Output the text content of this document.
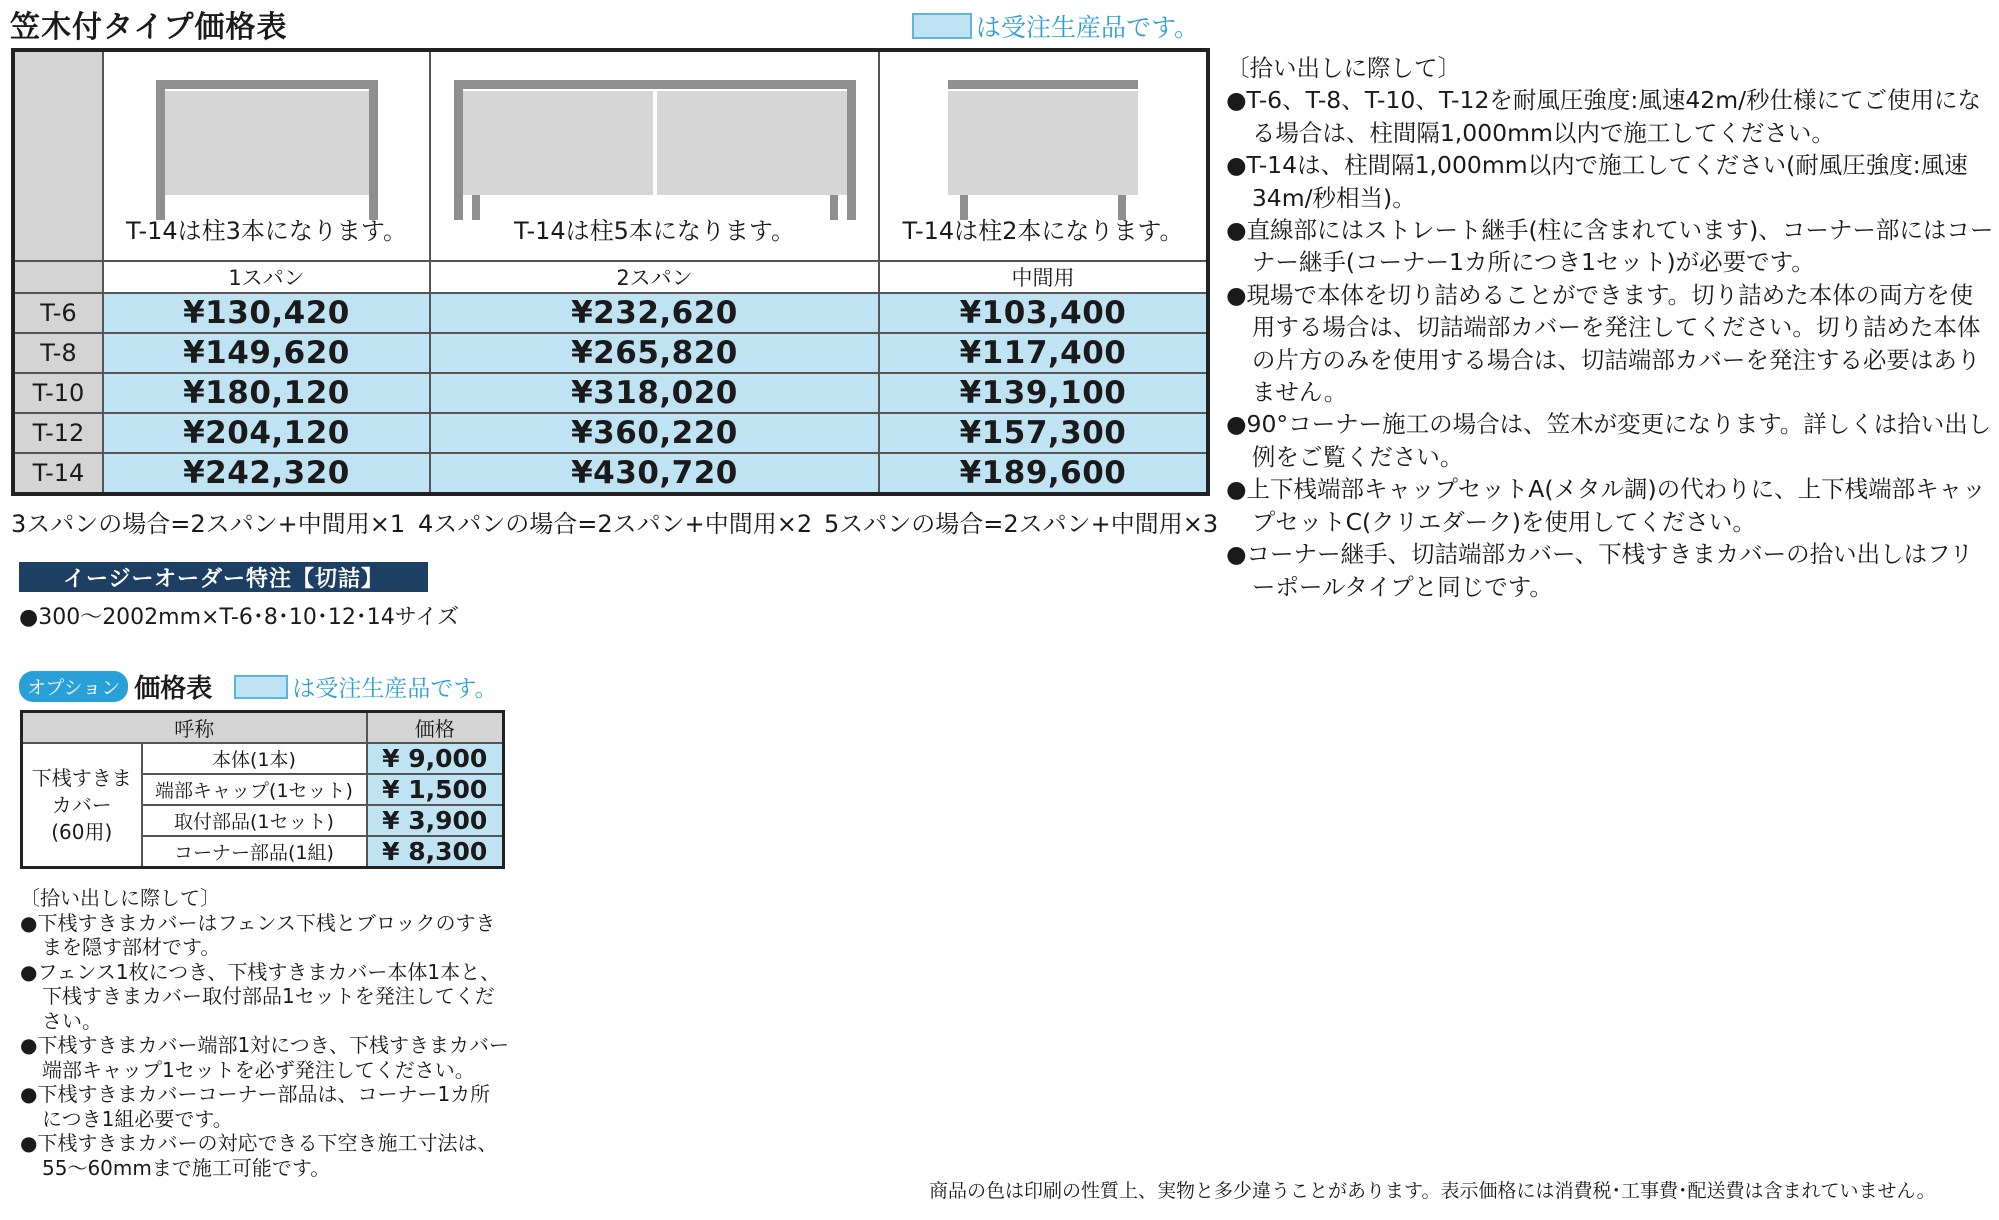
笠木付タイプ価格表	は受注生産品です。

	T-14は柱3本になります。	T-14は柱5本になります。	T-14は柱2本になります。

	1スパン	2スパン	中間用
T-6	¥130,420	¥232,620	¥103,400
T-8	¥149,620	¥265,820	¥117,400
T-10	¥180,120	¥318,020	¥139,100
T-12	¥204,120	¥360,220	¥157,300
T-14	¥242,320	¥430,720	¥189,600
3スパンの場合=2スパン+中間用×1 4スパンの場合=2スパン+中間用×2 5スパンの場合=2スパン+中間用×3
イージーオーダー特注【切詰】
●300～2002mm×T-6･8･10･12･14サイズ
オプション 価格表	は受注生産品です。
呼称		価格
下桟すきま
カバー
(60用)	本体(1本)	¥ 9,000
	端部キャップ(1セット)	¥ 1,500
	取付部品(1セット)	¥ 3,900
	コーナー部品(1組)	¥ 8,300

〔拾い出しに際して〕

●下桟すきまカバーはフェンス下桟とブロックのすきまを隠す部材です。

●フェンス1枚につき、下桟すきまカバー本体1本と、下桟すきまカバー取付部品1セットを発注してください。

●下桟すきまカバー端部1対につき、下桟すきまカバー端部キャップ1セットを必ず発注してください。

●下桟すきまカバーコーナー部品は、コーナー1カ所につき1組必要です。

●下桟すきまカバーの対応できる下空き施工寸法は、55～60mmまで施工可能です。

〔拾い出しに際して〕

●T-6、T-8、T-10、T-12を耐風圧強度:風速42m/秒仕様にてご使用になる場合は、柱間隔1,000mm以内で施工してください。

●T-14は、柱間隔1,000mm以内で施工してください(耐風圧強度:風速34m/秒相当)。

●直線部にはストレート継手(柱に含まれています)、コーナー部にはコーナー継手(コーナー1カ所につき1セット)が必要です。

●現場で本体を切り詰めることができます。切り詰めた本体の両方を使用する場合は、切詰端部カバーを発注してください。切り詰めた本体の片方のみを使用する場合は、切詰端部カバーを発注する必要はありません。

●90°コーナー施工の場合は、笠木が変更になります。詳しくは拾い出し例をご覧ください。

●上下桟端部キャップセットA(メタル調)の代わりに、上下桟端部キャップセットC(クリエダーク)を使用してください。

●コーナー継手、切詰端部カバー、下桟すきまカバーの拾い出しはフリーポールタイプと同じです。

商品の色は印刷の性質上、実物と多少違うことがあります。表示価格には消費税･工事費･配送費は含まれていません。
